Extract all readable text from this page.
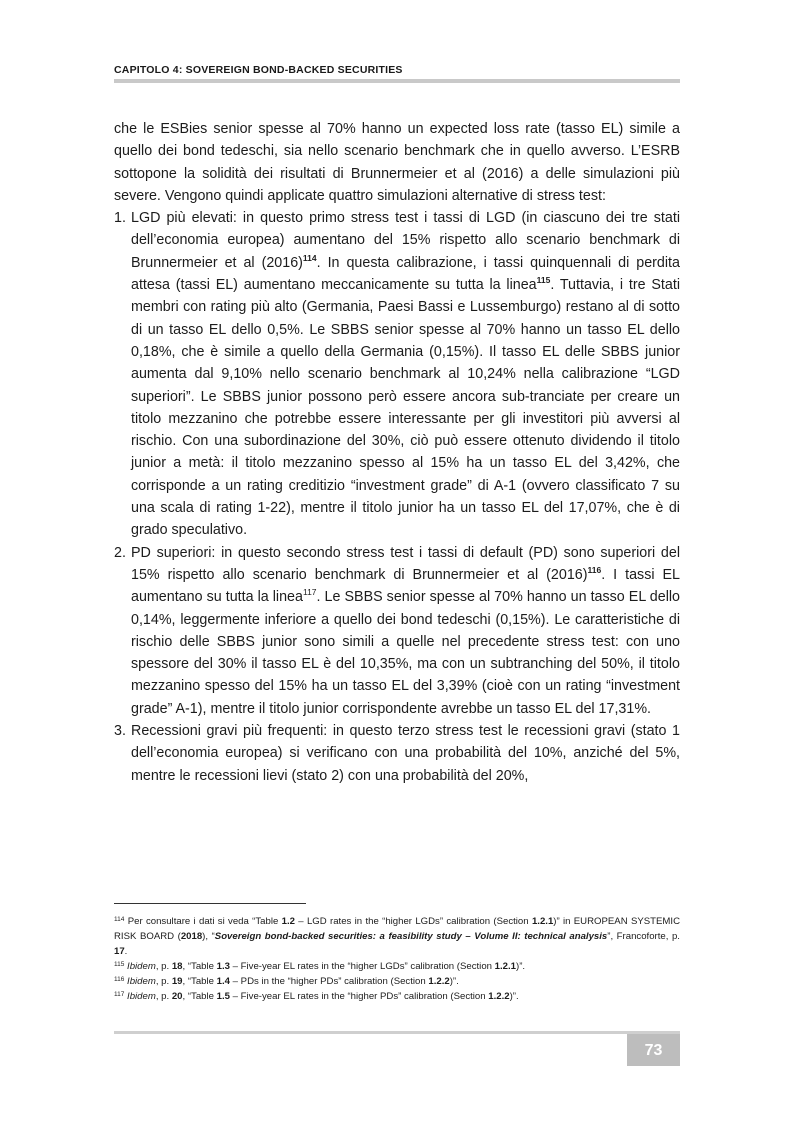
CAPITOLO 4: SOVEREIGN BOND-BACKED SECURITIES

che le ESBies senior spesse al 70% hanno un expected loss rate (tasso EL) simile a quello dei bond tedeschi, sia nello scenario benchmark che in quello avverso. L’ESRB sottopone la solidità dei risultati di Brunnermeier et al (2016) a delle simulazioni più severe. Vengono quindi applicate quattro simulazioni alternative di stress test:

1. LGD più elevati: in questo primo stress test i tassi di LGD (in ciascuno dei tre stati dell’economia europea) aumentano del 15% rispetto allo scenario benchmark di Brunnermeier et al $(2016)^{114}$. In questa calibrazione, i tassi quinquennali di perdita attesa (tassi EL) aumentano meccanicamente su tutta la linea$^{115}$. Tuttavia, i tre Stati membri con rating più alto (Germania, Paesi Bassi e Lussemburgo) restano al di sotto di un tasso EL dello 0,5%. Le SBBS senior spesse al 70% hanno un tasso EL dello 0,18%, che è simile a quello della Germania (0,15%). Il tasso EL delle SBBS junior aumenta dal 9,10% nello scenario benchmark al 10,24% nella calibrazione “LGD superiori”. Le SBBS junior possono però essere ancora sub-tranciate per creare un titolo mezzanino che potrebbe essere interessante per gli investitori più avversi al rischio. Con una subordinazione del 30%, ciò può essere ottenuto dividendo il titolo junior a metà: il titolo mezzanino spesso al 15% ha un tasso EL del 3,42%, che corrisponde a un rating creditizio “investment grade” di A-1 (ovvero classificato 7 su una scala di rating 1-22), mentre il titolo junior ha un tasso EL del 17,07%, che è di grado speculativo.
2. PD superiori: in questo secondo stress test i tassi di default (PD) sono superiori del 15% rispetto allo scenario benchmark di Brunnermeier et al $(2016)^{116}$. I tassi EL aumentano su tutta la linea$^{117}$. Le SBBS senior spesse al 70% hanno un tasso EL dello 0,14%, leggermente inferiore a quello dei bond tedeschi (0,15%). Le caratteristiche di rischio delle SBBS junior sono simili a quelle nel precedente stress test: con uno spessore del 30% il tasso EL è del 10,35%, ma con un subtranching del 50%, il titolo mezzanino spesso del 15% ha un tasso EL del 3,39% (cioè con un rating “investment grade” A-1), mentre il titolo junior corrispondente avrebbe un tasso EL del 17,31%.
3. Recessioni gravi più frequenti: in questo terzo stress test le recessioni gravi (stato 1 dell’economia europea) si verificano con una probabilità del 10%, anziché del 5%, mentre le recessioni lievi (stato 2) con una probabilità del 20%,

$^{114}$ Per consultare i dati si veda “Table 1.2 – LGD rates in the “higher LGDs” calibration (Section 1.2.1)” in EUROPEAN SYSTEMIC RISK BOARD (2018), “Sovereign bond-backed securities: a feasibility study – Volume II: technical analysis”, Francoforte, p. 17.

$^{115}$ Ibidem, p. 18, “Table 1.3 – Five-year EL rates in the “higher LGDs” calibration (Section 1.2.1)”.

$^{116}$ Ibidem, p. 19, “Table 1.4 – PDs in the “higher PDs” calibration (Section 1.2.2)”.

$^{117}$ Ibidem, p. 20, “Table 1.5 – Five-year EL rates in the “higher PDs” calibration (Section 1.2.2)”.

73
